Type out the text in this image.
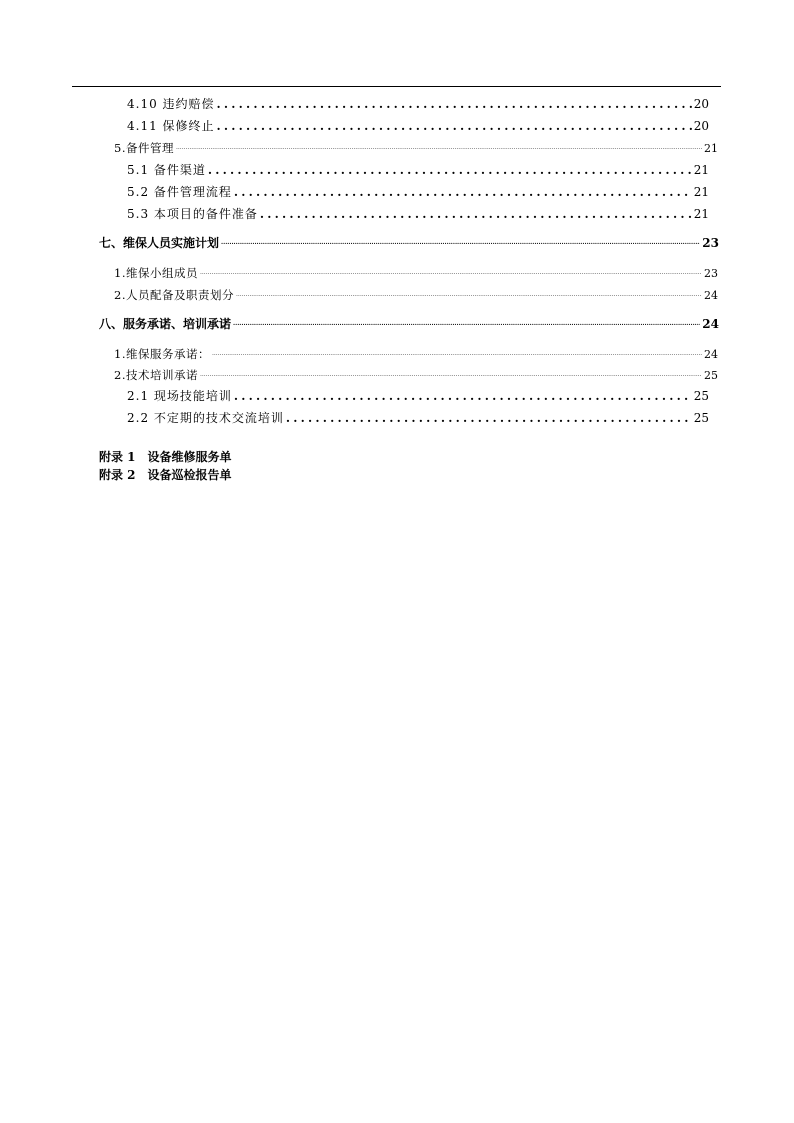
4.10 违约赔偿 .....	20
4.11 保修终止 .....	20
5.备件管理 .....	21
5.1 备件渠道 .....	21
5.2 备件管理流程 .....	21
5.3 本项目的备件准备 .....	21
七、维保人员实施计划 .....	23
1.维保小组成员 .....	23
2.人员配备及职责划分 .....	24
八、服务承诺、培训承诺 .....	24
1.维保服务承诺： .....	24
2.技术培训承诺 .....	25
2.1 现场技能培训 .....	25
2.2 不定期的技术交流培训 .....	25
附录 1 设备维修服务单
附录 2 设备巡检报告单
